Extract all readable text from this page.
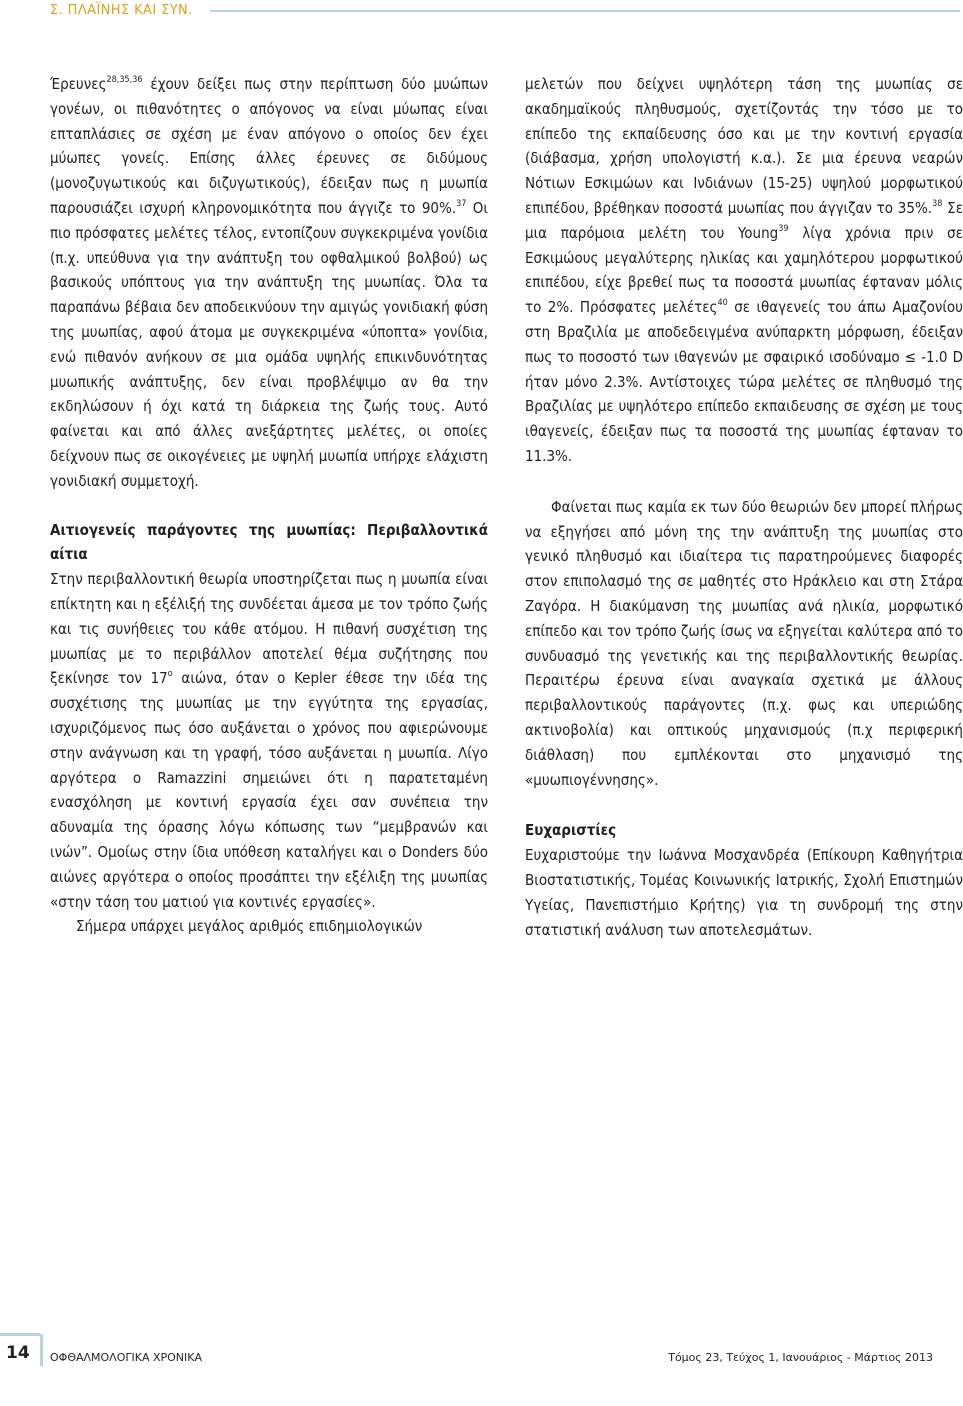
Σ. ΠΛΑΪΝΗΣ ΚΑΙ ΣΥΝ.

Έρευνες$^{28,35,36}$ έχουν δείξει πως στην περίπτωση δύο μυώπων γονέων, οι πιθανότητες ο απόγονος να είναι μύωπας είναι επταπλάσιες σε σχέση με έναν απόγονο ο οποίος δεν έχει μύωπες γονείς. Επίσης άλλες έρευνες σε διδύμους (μονοζυγωτικούς και διζυγωτικούς), έδειξαν πως η μυωπία παρουσιάζει ισχυρή κληρονομικότητα που άγγιζε το 90%.$^{37}$ Οι πιο πρόσφατες μελέτες τέλος, εντοπίζουν συγκεκριμένα γονίδια (π.χ. υπεύθυνα για την ανάπτυξη του οφθαλμικού βολβού) ως βασικούς υπόπτους για την ανάπτυξη της μυωπίας. Όλα τα παραπάνω βέβαια δεν αποδεικνύουν την αμιγώς γονιδιακή φύση της μυωπίας, αφού άτομα με συγκεκριμένα «ύποπτα» γονίδια, ενώ πιθανόν ανήκουν σε μια ομάδα υψηλής επικινδυνότητας μυωπικής ανάπτυξης, δεν είναι προβλέψιμο αν θα την εκδηλώσουν ή όχι κατά τη διάρκεια της ζωής τους. Αυτό φαίνεται και από άλλες ανεξάρτητες μελέτες, οι οποίες δείχνουν πως σε οικογένειες με υψηλή μυωπία υπήρχε ελάχιστη γονιδιακή συμμετοχή.

Αιτιογενείς παράγοντες της μυωπίας: Περιβαλλοντικά αίτια

Στην περιβαλλοντική θεωρία υποστηρίζεται πως η μυωπία είναι επίκτητη και η εξέλιξή της συνδέεται άμεσα με τον τρόπο ζωής και τις συνήθειες του κάθε ατόμου. Η πιθανή συσχέτιση της μυωπίας με το περιβάλλον αποτελεί θέμα συζήτησης που ξεκίνησε τον $17^o$ αιώνα, όταν ο Kepler έθεσε την ιδέα της συσχέτισης της μυωπίας με την εγγύτητα της εργασίας, ισχυριζόμενος πως όσο αυξάνεται ο χρόνος που αφιερώνουμε στην ανάγνωση και τη γραφή, τόσο αυξάνεται η μυωπία. Λίγο αργότερα ο Ramazzini σημειώνει ότι η παρατεταμένη ενασχόληση με κοντινή εργασία έχει σαν συνέπεια την αδυναμία της όρασης λόγω κόπωσης των “μεμβρανών και ινών”. Ομοίως στην ίδια υπόθεση καταλήγει και ο Donders δύο αιώνες αργότερα ο οποίος προσάπτει την εξέλιξη της μυωπίας «στην τάση του ματιού για κοντινές εργασίες».

Σήμερα υπάρχει μεγάλος αριθμός επιδημιολογικών

μελετών που δείχνει υψηλότερη τάση της μυωπίας σε ακαδημαϊκούς πληθυσμούς, σχετίζοντάς την τόσο με το επίπεδο της εκπαίδευσης όσο και με την κοντινή εργασία (διάβασμα, χρήση υπολογιστή κ.α.). Σε μια έρευνα νεαρών Νότιων Εσκιμώων και Ινδιάνων (15-25) υψηλού μορφωτικού επιπέδου, βρέθηκαν ποσοστά μυωπίας που άγγιζαν το 35%.$^{38}$ Σε μια παρόμοια μελέτη του Young$^{39}$ λίγα χρόνια πριν σε Εσκιμώους μεγαλύτερης ηλικίας και χαμηλότερου μορφωτικού επιπέδου, είχε βρεθεί πως τα ποσοστά μυωπίας έφταναν μόλις το 2%. Πρόσφατες μελέτες$^{40}$ σε ιθαγενείς του άπω Αμαζονίου στη Βραζιλία με αποδεδειγμένα ανύπαρκτη μόρφωση, έδειξαν πως το ποσοστό των ιθαγενών με σφαιρικό ισοδύναμο ≤ -1.0 D ήταν μόνο 2.3%. Αντίστοιχες τώρα μελέτες σε πληθυσμό της Βραζιλίας με υψηλότερο επίπεδο εκπαιδευσης σε σχέση με τους ιθαγενείς, έδειξαν πως τα ποσοστά της μυωπίας έφταναν το 11.3%.

Φαίνεται πως καμία εκ των δύο θεωριών δεν μπορεί πλήρως να εξηγήσει από μόνη της την ανάπτυξη της μυωπίας στο γενικό πληθυσμό και ιδιαίτερα τις παρατηρούμενες διαφορές στον επιπολασμό της σε μαθητές στο Ηράκλειο και στη Στάρα Ζαγόρα. Η διακύμανση της μυωπίας ανά ηλικία, μορφωτικό επίπεδο και τον τρόπο ζωής ίσως να εξηγείται καλύτερα από το συνδυασμό της γενετικής και της περιβαλλοντικής θεωρίας. Περαιτέρω έρευνα είναι αναγκαία σχετικά με άλλους περιβαλλοντικούς παράγοντες (π.χ. φως και υπεριώδης ακτινοβολία) και οπτικούς μηχανισμούς (π.χ περιφερική διάθλαση) που εμπλέκονται στο μηχανισμό της «μυωπιογέννησης».

Ευχαριστίες

Ευχαριστούμε την Ιωάννα Μοσχανδρέα (Επίκουρη Καθηγήτρια Βιοστατιστικής, Τομέας Κοινωνικής Ιατρικής, Σχολή Επιστημών Υγείας, Πανεπιστήμιο Κρήτης) για τη συνδρομή της στην στατιστική ανάλυση των αποτελεσμάτων.

14 ΟΦΘΑΛΜΟΛΟΓΙΚΑ ΧΡΟΝΙΚΑ	Τόμος 23, Τεύχος 1, Ιανουάριος - Μάρτιος 2013
